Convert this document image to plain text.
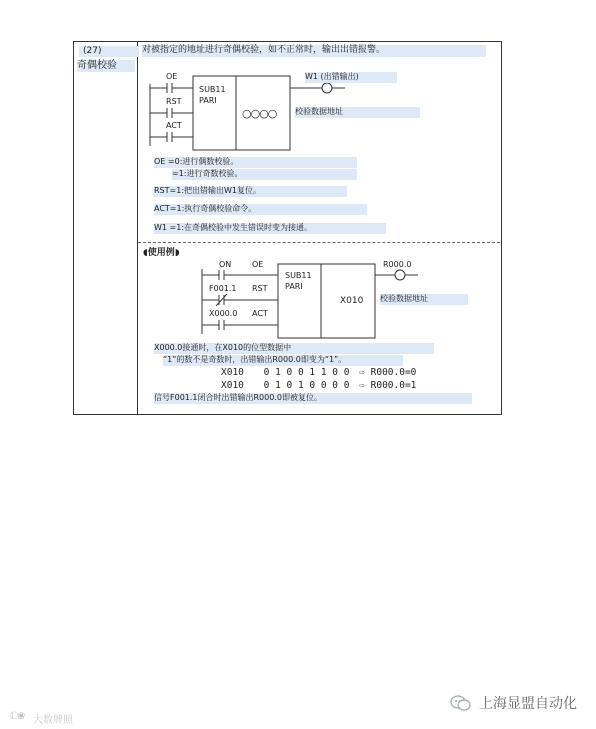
(27)
奇偶校验
对被指定的地址进行奇偶校验，如不正常时，输出出错报警。
OE
RST
ACT
SUB11
PARI
○○○○
W1 (出错输出)
校验数据地址
OE =0:进行偶数校验。
=1:进行奇数校验。
RST=1:把出错输出W1复位。
ACT=1:执行奇偶校验命令。
W1 =1:在奇偶校验中发生错误时变为接通。
◖使用例◗
ON	OE
F001.1 RST
X000.0 ACT
SUB11
PARI
X010
R000.0
校验数据地址
X000.0接通时，在X010的位型数据中
“1”的数不是奇数时，出错输出R000.0即变为“1”。
X010 0 1 0 0 1 1 0 0 ⇨ R000.0=0
X010 0 1 0 1 0 0 0 0 ⇨ R000.0=1
信号F001.1闭合时出错输出R000.0即被复位。
上海显盟自动化
ℂ❀ 大数牌照
